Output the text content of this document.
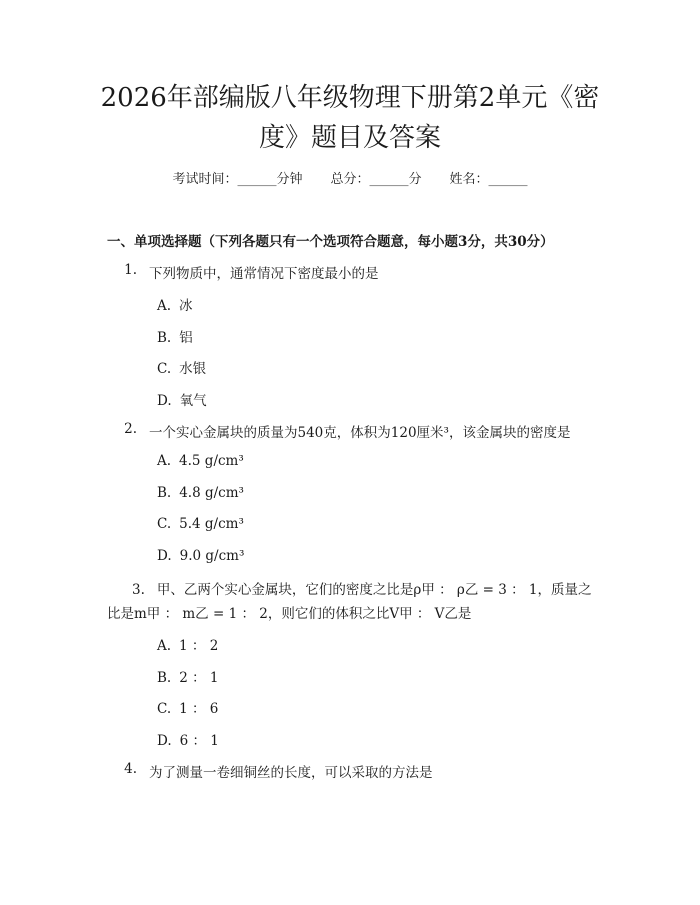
2026年部编版八年级物理下册第2单元《密度》题目及答案
考试时间：______分钟 总分：______分 姓名：______
一、单项选择题（下列各题只有一个选项符合题意，每小题3分，共30分）
1. 下列物质中，通常情况下密度最小的是
A. 冰
B. 铝
C. 水银
D. 氧气
2. 一个实心金属块的质量为540克，体积为120厘米³，该金属块的密度是
A. 4.5 g/cm³
B. 4.8 g/cm³
C. 5.4 g/cm³
D. 9.0 g/cm³
3. 甲、乙两个实心金属块，它们的密度之比是ρ甲 ： ρ乙 = 3 ： 1，质量之比是m甲 ： m乙 = 1 ： 2，则它们的体积之比V甲 ： V乙是
A. 1 ： 2
B. 2 ： 1
C. 1 ： 6
D. 6 ： 1
4. 为了测量一卷细铜丝的长度，可以采取的方法是
